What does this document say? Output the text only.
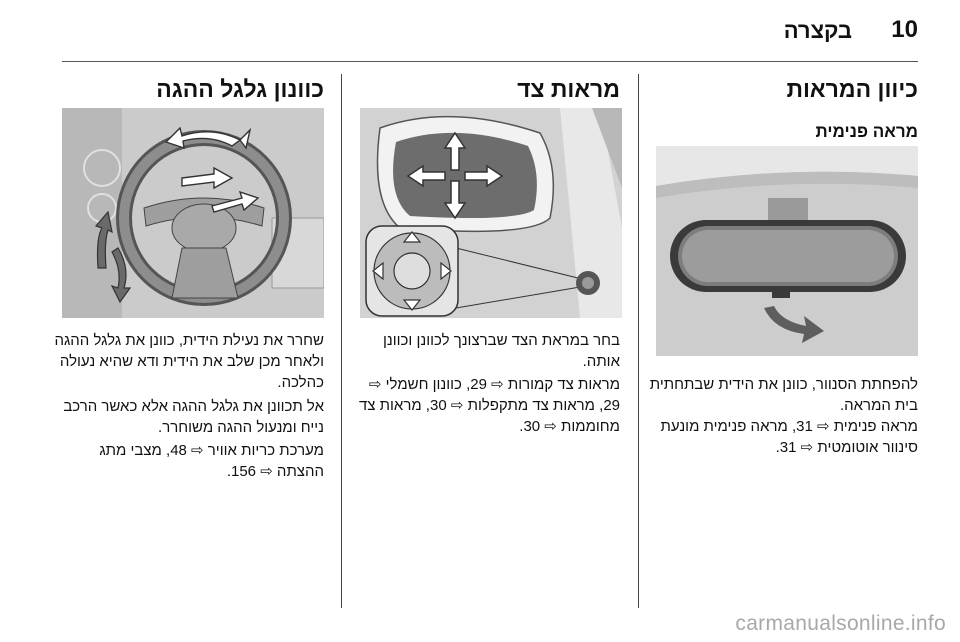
10
בקצרה
כיוון המראות
מראה פנימית

להפחתת הסנוור, כוונן את הידית שבתחתית בית המראה.

מראה פנימית ⇨ 31, מראה פנימית מונעת סינוור אוטומטית ⇨ 31.

מראות צד

בחר במראת הצד שברצונך לכוונן וכוונן אותה.

מראות צד קמורות ⇨ 29, כוונון חשמלי ⇨ 29, מראות צד מתקפלות ⇨ 30, מראות צד מחוממות ⇨ 30.

כוונון גלגל ההגה

שחרר את נעילת הידית, כוונן את גלגל ההגה ולאחר מכן שלב את הידית ודא שהיא נעולה כהלכה.

אל תכוונן את גלגל ההגה אלא כאשר הרכב נייח ומנעול ההגה משוחרר.

מערכת כריות אוויר ⇨ 48, מצבי מתג ההצתה ⇨ 156.

carmanualsonline.info
